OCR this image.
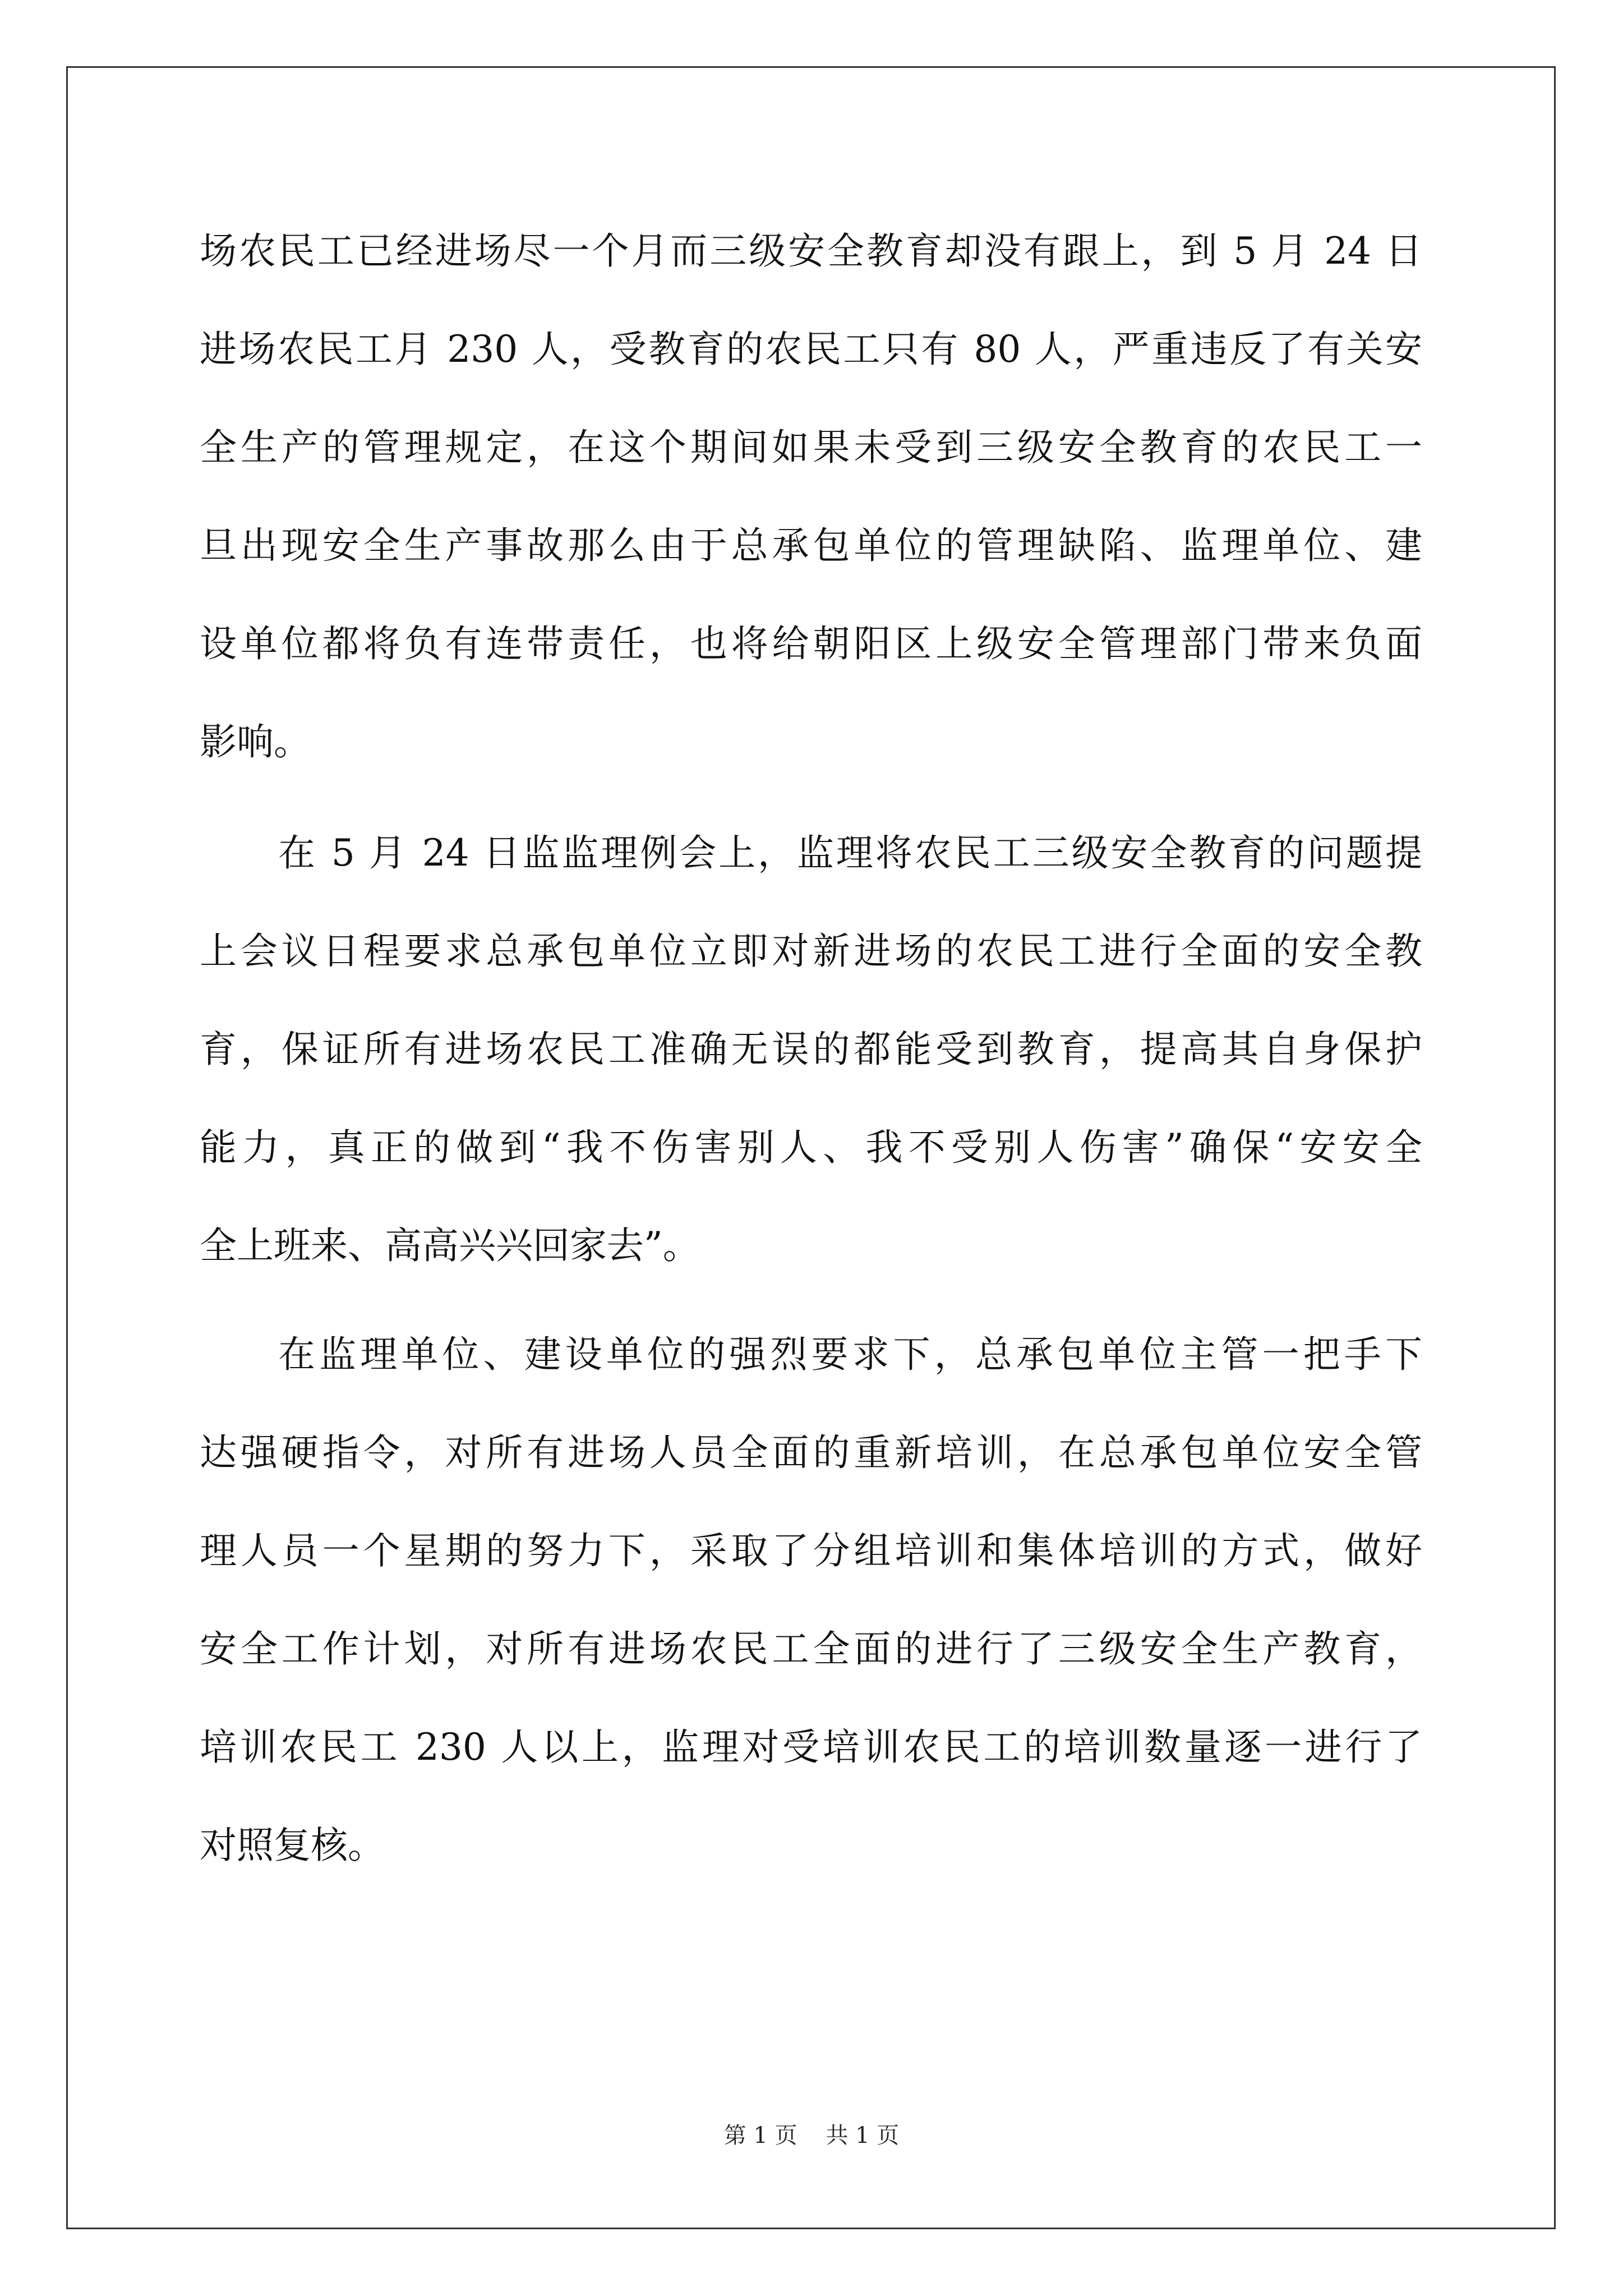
场农民工已经进场尽一个月而三级安全教育却没有跟上，到 5 月 24 日
进场农民工月 230 人，受教育的农民工只有 80 人，严重违反了有关安
全生产的管理规定，在这个期间如果未受到三级安全教育的农民工一
旦出现安全生产事故那么由于总承包单位的管理缺陷、监理单位、建
设单位都将负有连带责任，也将给朝阳区上级安全管理部门带来负面
影响。
在 5 月 24 日监监理例会上，监理将农民工三级安全教育的问题提
上会议日程要求总承包单位立即对新进场的农民工进行全面的安全教
育，保证所有进场农民工准确无误的都能受到教育，提高其自身保护
能力，真正的做到“我不伤害别人、我不受别人伤害”确保“安安全
全上班来、高高兴兴回家去”。
在监理单位、建设单位的强烈要求下，总承包单位主管一把手下
达强硬指令，对所有进场人员全面的重新培训，在总承包单位安全管
理人员一个星期的努力下，采取了分组培训和集体培训的方式，做好
安全工作计划，对所有进场农民工全面的进行了三级安全生产教育，
培训农民工 230 人以上，监理对受培训农民工的培训数量逐一进行了
对照复核。
第 1 页    共 1 页
